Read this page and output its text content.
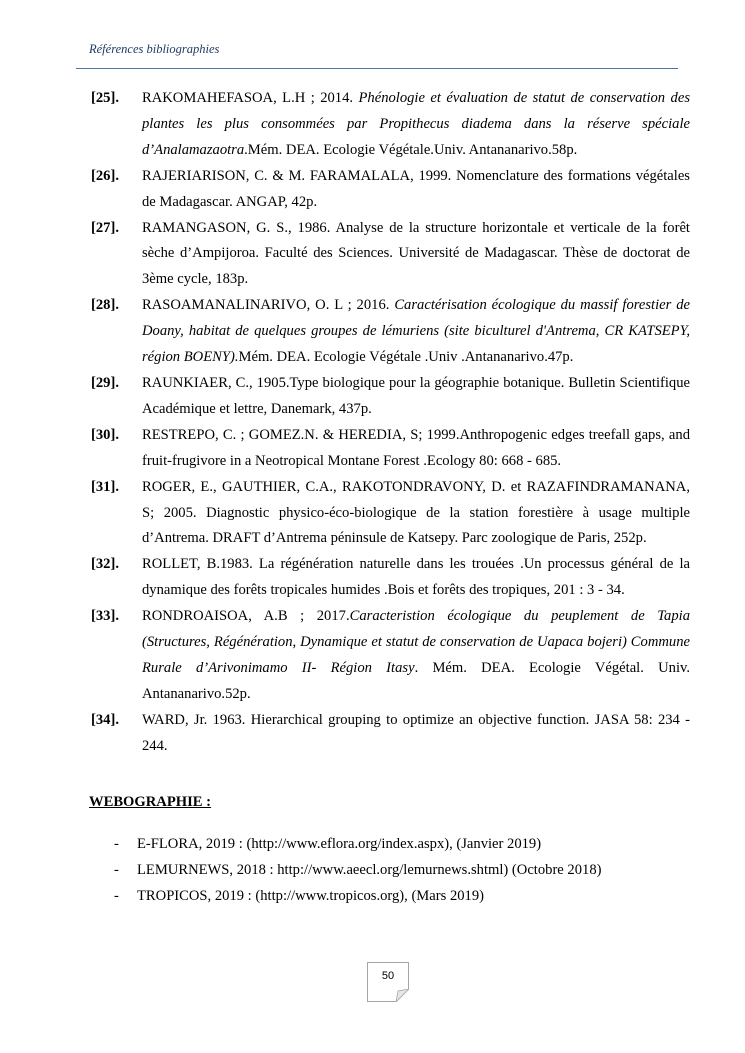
Références bibliographies
[25].	RAKOMAHEFASOA, L.H ; 2014. Phénologie et évaluation de statut de conservation des plantes les plus consommées par Propithecus diadema dans la réserve spéciale d’Analamazaotra.Mém. DEA. Ecologie Végétale.Univ. Antananarivo.58p.
[26].	RAJERIARISON, C. & M. FARAMALALA, 1999. Nomenclature des formations végétales de Madagascar. ANGAP, 42p.
[27].	RAMANGASON, G. S., 1986. Analyse de la structure horizontale et verticale de la forêt sèche d’Ampijoroa. Faculté des Sciences. Université de Madagascar. Thèse de doctorat de 3ème cycle, 183p.
[28].	RASOAMANALINARIVO, O. L ; 2016. Caractérisation écologique du massif forestier de Doany, habitat de quelques groupes de lémuriens (site biculturel d'Antrema, CR KATSEPY, région BOENY).Mém. DEA. Ecologie Végétale .Univ .Antananarivo.47p.
[29].	RAUNKIAER, C., 1905.Type biologique pour la géographie botanique. Bulletin Scientifique Académique et lettre, Danemark, 437p.
[30].	RESTREPO, C. ; GOMEZ.N. & HEREDIA, S; 1999.Anthropogenic edges treefall gaps, and fruit-frugivore in a Neotropical Montane Forest .Ecology 80: 668 - 685.
[31].	ROGER, E., GAUTHIER, C.A., RAKOTONDRAVONY, D. et RAZAFINDRAMANANA, S; 2005. Diagnostic physico-éco-biologique de la station forestière à usage multiple d’Antrema. DRAFT d’Antrema péninsule de Katsepy. Parc zoologique de Paris, 252p.
[32].	ROLLET, B.1983. La régénération naturelle dans les trouées .Un processus général de la dynamique des forêts tropicales humides .Bois et forêts des tropiques, 201 : 3 - 34.
[33].	RONDROAISOA, A.B ; 2017.Caracteristion écologique du peuplement de Tapia (Structures, Régénération, Dynamique et statut de conservation de Uapaca bojeri) Commune Rurale d’Arivonimamo II- Région Itasy. Mém. DEA. Ecologie Végétal. Univ. Antananarivo.52p.
[34].	WARD, Jr. 1963. Hierarchical grouping to optimize an objective function. JASA 58: 234 - 244.
WEBOGRAPHIE :
-	E-FLORA, 2019 : (http://www.eflora.org/index.aspx), (Janvier 2019)
-	LEMURNEWS, 2018 : http://www.aeecl.org/lemurnews.shtml) (Octobre 2018)
-	TROPICOS, 2019 : (http://www.tropicos.org), (Mars 2019)
50
